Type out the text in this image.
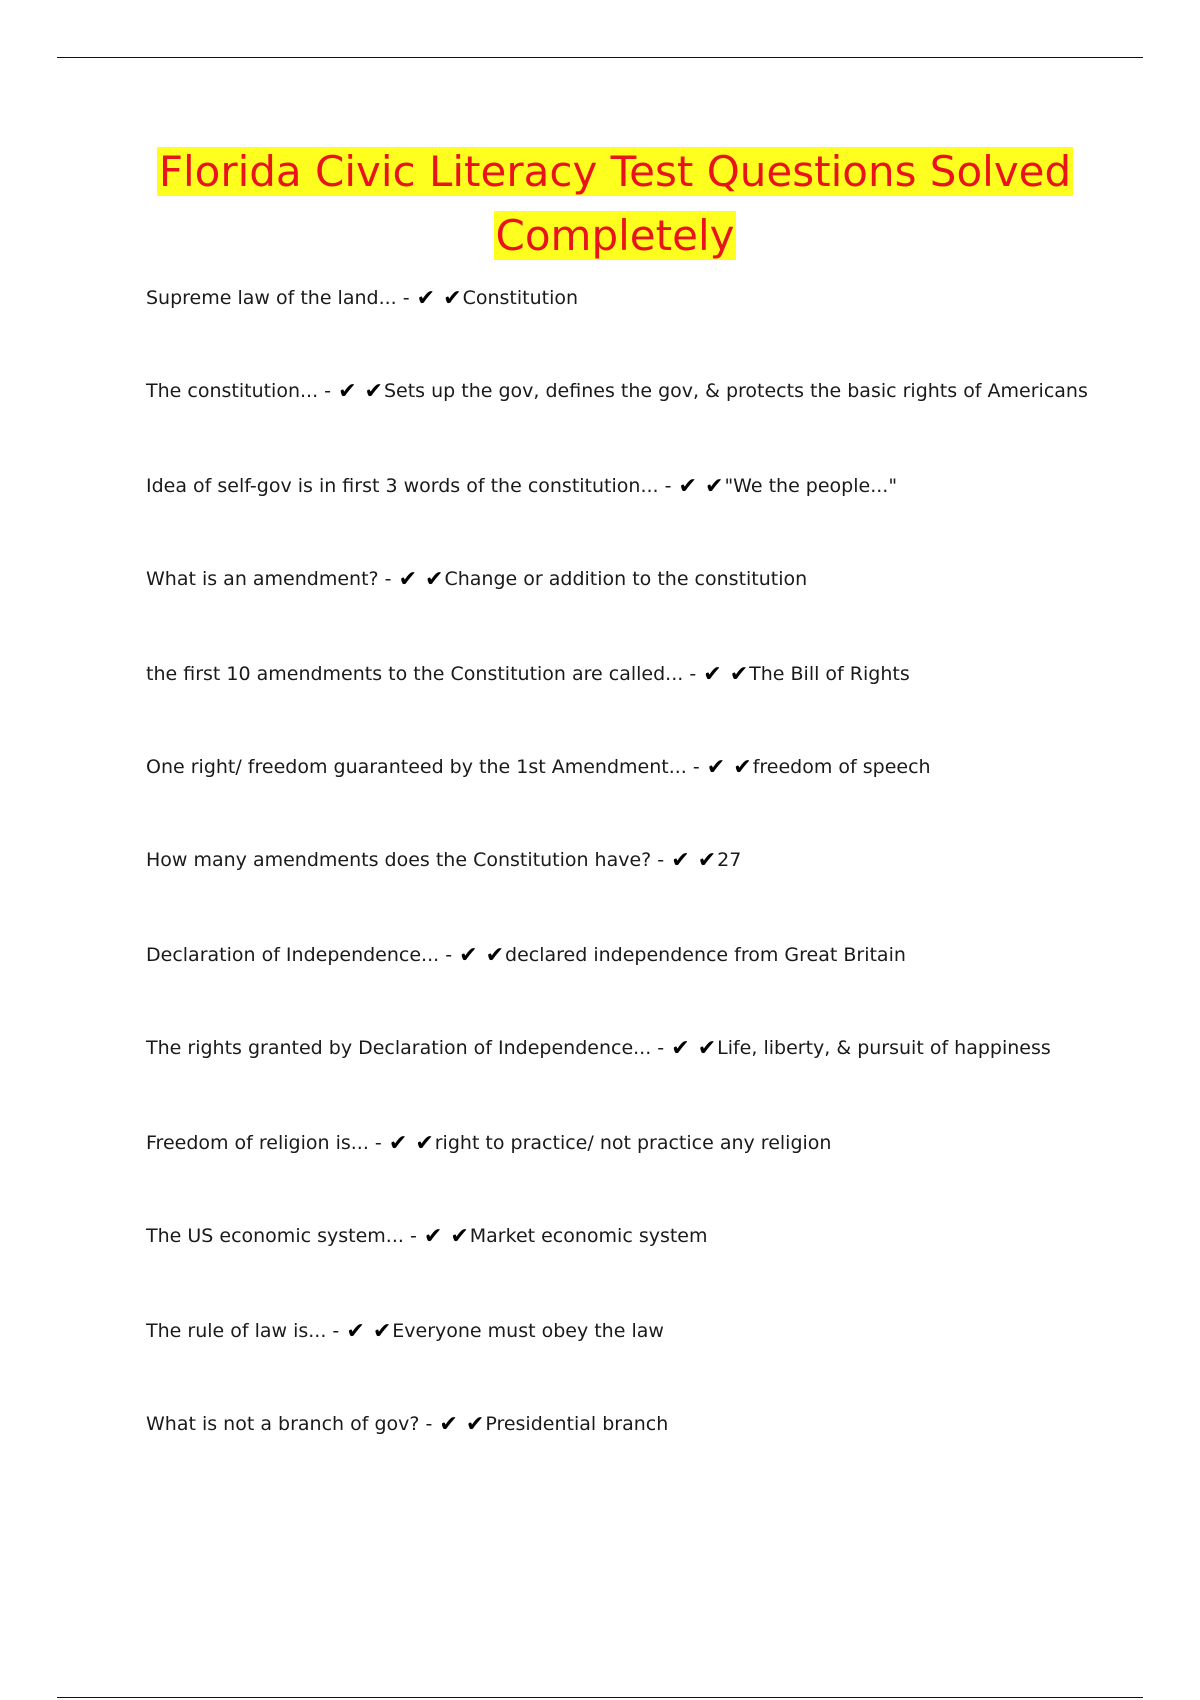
Florida Civic Literacy Test Questions Solved
Completely
Supreme law of the land... - ✔ ✔Constitution
The constitution... - ✔ ✔Sets up the gov, defines the gov, & protects the basic rights of Americans
Idea of self-gov is in first 3 words of the constitution... - ✔ ✔"We the people..."
What is an amendment? - ✔ ✔Change or addition to the constitution
the first 10 amendments to the Constitution are called... - ✔ ✔The Bill of Rights
One right/ freedom guaranteed by the 1st Amendment... - ✔ ✔freedom of speech
How many amendments does the Constitution have? - ✔ ✔27
Declaration of Independence... - ✔ ✔declared independence from Great Britain
The rights granted by Declaration of Independence... - ✔ ✔Life, liberty, & pursuit of happiness
Freedom of religion is... - ✔ ✔right to practice/ not practice any religion
The US economic system... - ✔ ✔Market economic system
The rule of law is... - ✔ ✔Everyone must obey the law
What is not a branch of gov? - ✔ ✔Presidential branch
